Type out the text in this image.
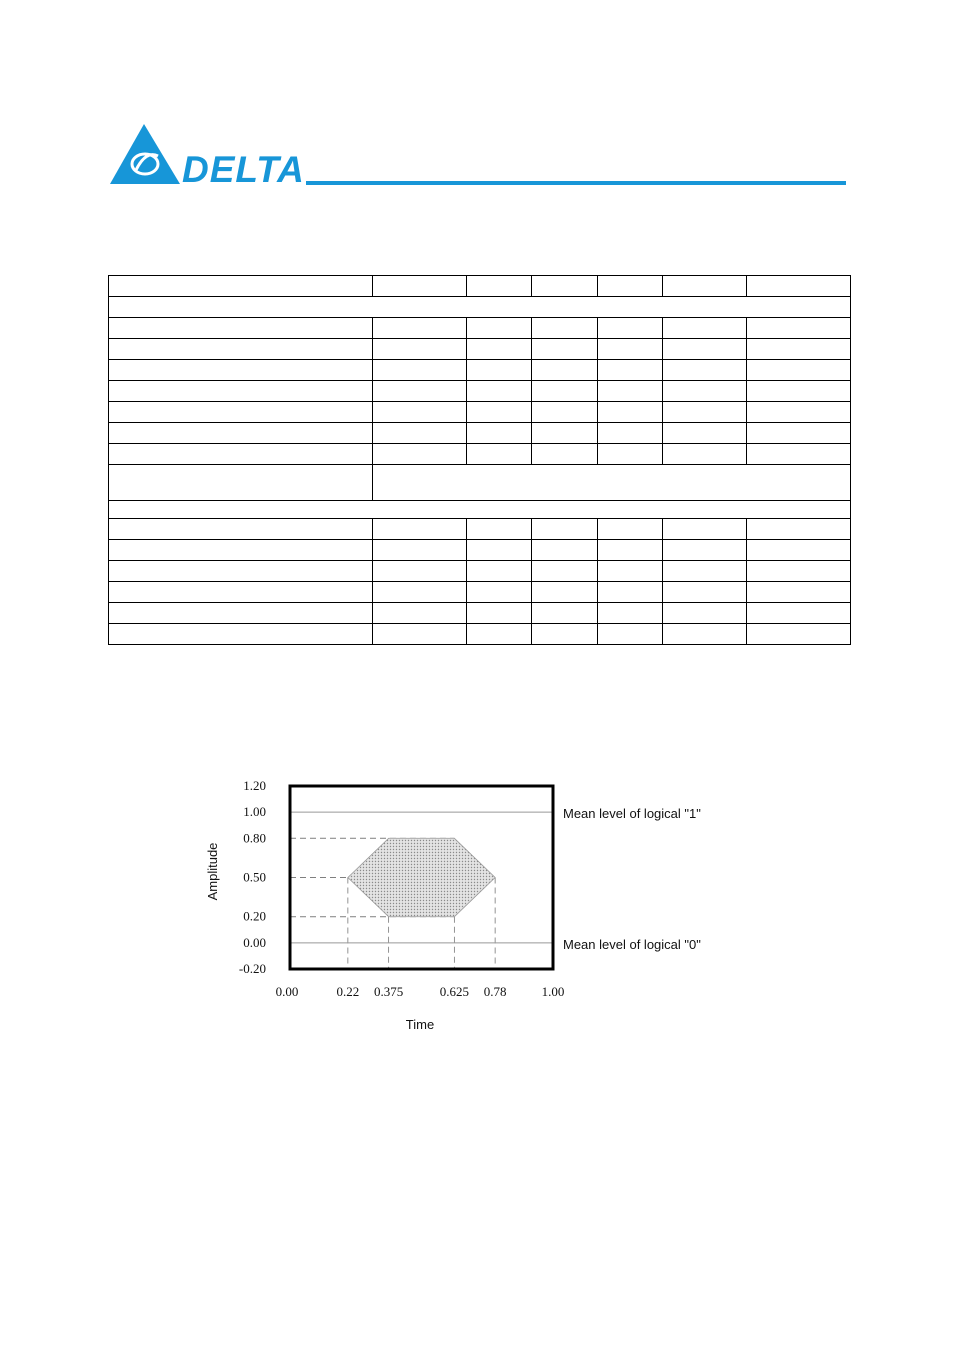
DELTA

1.20
1.00
0.80
0.50
0.20
0.00
-0.20
0.00	0.22 0.375	0.625 0.78	1.00
Mean level of logical "1"
Mean level of logical "0"
Time
Amplitude
